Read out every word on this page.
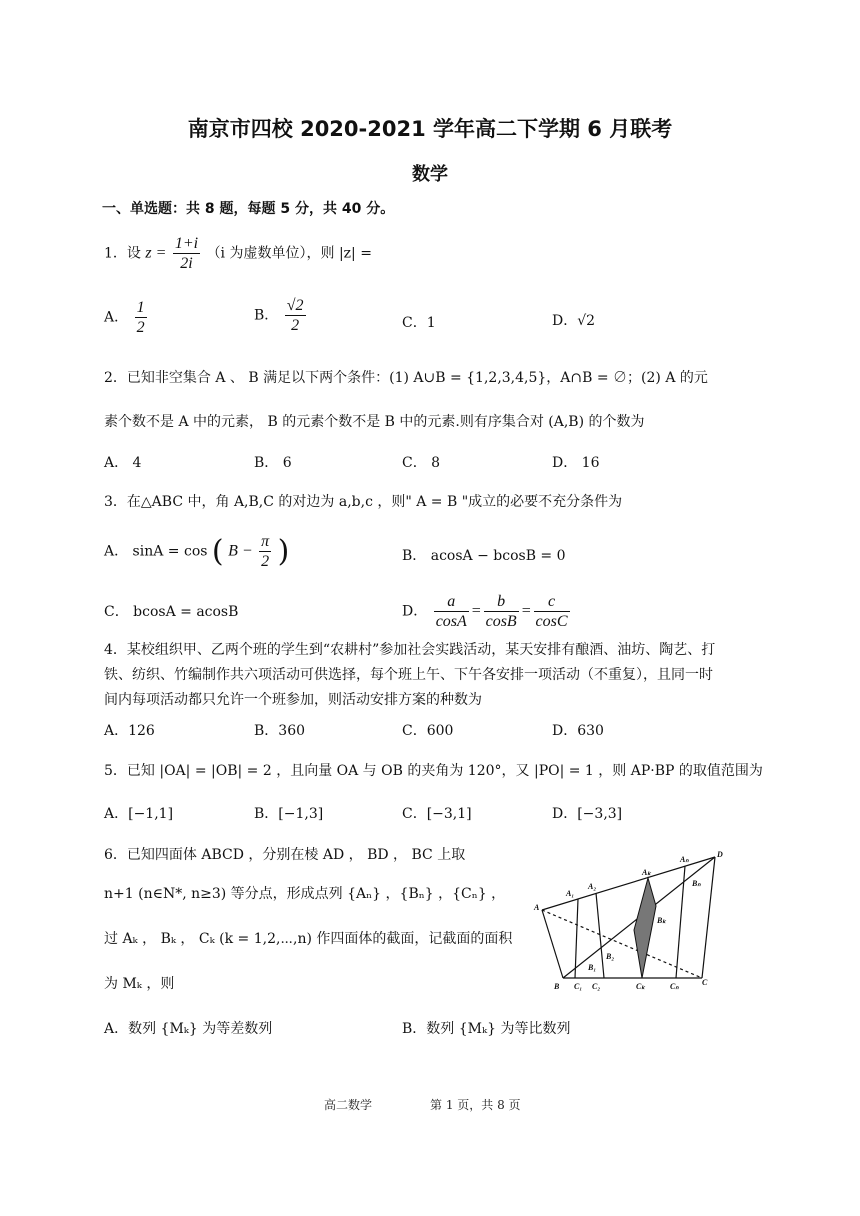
南京市四校 2020-2021 学年高二下学期 6 月联考
数学
一、单选题：共 8 题，每题 5 分，共 40 分。
1．设 $z = \frac{1+i}{2i} (i$ 为虚数单位），则 |z| =
A． $\frac{1}{2}$	B． $\frac{√2}{2}$	C．1	D．√2
2．已知非空集合 A 、 B 满足以下两个条件：(1) A∪B = {1,2,3,4,5}，A∩B = ∅；(2) A 的元
素个数不是 A 中的元素， B 的元素个数不是 B 中的元素.则有序集合对 (A,B) 的个数为
A． 4	B． 6	C． 8	D． 16
3．在△ABC 中，角 A,B,C 的对边为 a,b,c ，则" A = B "成立的必要不充分条件为
A． sinA = cos ( $B - \frac{\pi}{2}$ )	B． acosA − bcosB = 0
C． bcosA = acosB	D． $\frac{a}{\cos A} = \frac{b}{\cos B} = \frac{c}{\cos C}$
4．某校组织甲、乙两个班的学生到“农耕村”参加社会实践活动，某天安排有酿酒、油坊、陶艺、打
铁、纺织、竹编制作共六项活动可供选择，每个班上午、下午各安排一项活动（不重复），且同一时
间内每项活动都只允许一个班参加，则活动安排方案的种数为
A．126	B．360	C．600	D．630
5．已知 |OA| = |OB| = 2 ，且向量 OA 与 OB 的夹角为 120°，又 |PO| = 1 ，则 AP·BP 的取值范围为
A．[−1,1]	B．[−1,3]	C．[−3,1]	D．[−3,3]
6．已知四面体 ABCD ，分别在棱 AD ， BD ， BC 上取
n+1 (n∈N*, n≥3) 等分点，形成点列 {Aₙ} ，{Bₙ} ，{Cₙ} ，
过 Aₖ ， Bₖ ， Cₖ (k = 1,2,⋯,n) 作四面体的截面，记截面的面积
为 Mₖ ，则
A．数列 {Mₖ} 为等差数列	B．数列 {Mₖ} 为等比数列
D
Aₙ
Aₖ
A₂
A₁
A
Bₙ
Bₖ
B₂
B₁
B C₁ C₂	Cₖ	Cₙ	C
高二数学	第 1 页，共 8 页
